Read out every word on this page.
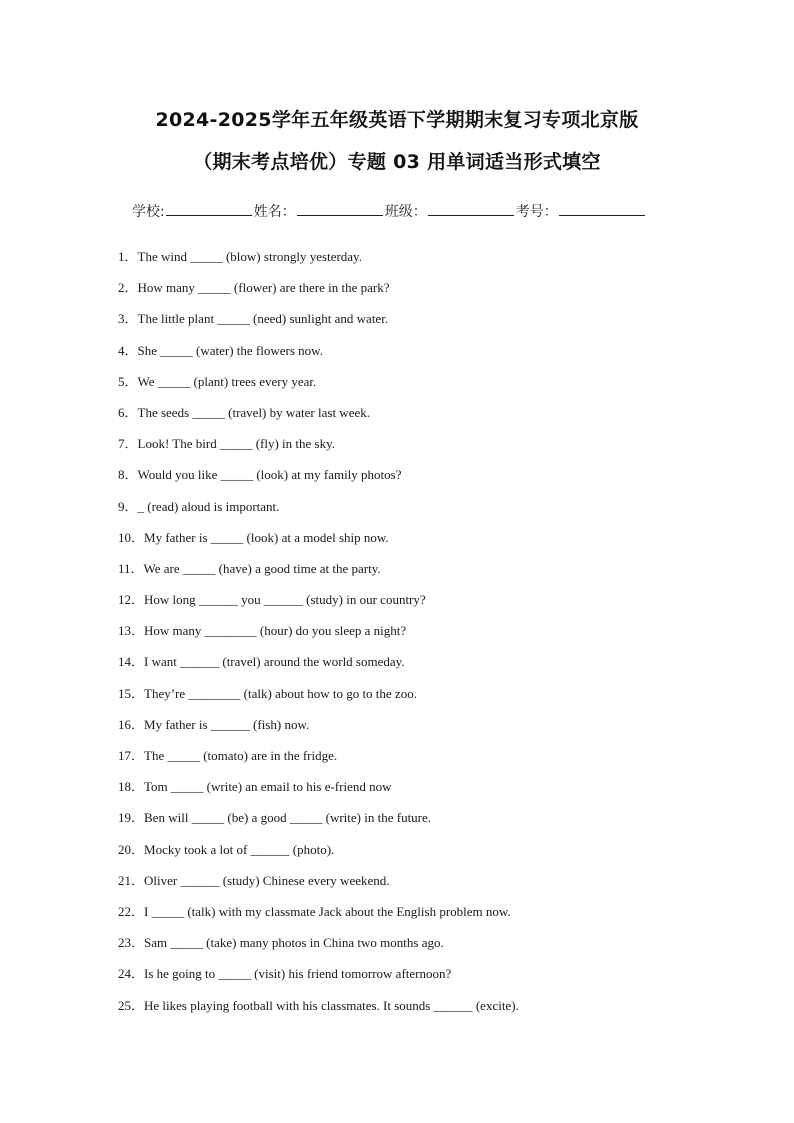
2024-2025学年五年级英语下学期期末复习专项北京版
（期末考点培优）专题 03 用单词适当形式填空
学校:	姓名：	班级：	考号：
1．The wind _____ (blow) strongly yesterday.
2．How many _____ (flower) are there in the park?
3．The little plant _____ (need) sunlight and water.
4．She _____ (water) the flowers now.
5．We _____ (plant) trees every year.
6．The seeds _____ (travel) by water last week.
7．Look! The bird _____ (fly) in the sky.
8．Would you like _____ (look) at my family photos?
9．_ (read) aloud is important.
10．My father is _____ (look) at a model ship now.
11．We are _____ (have) a good time at the party.
12．How long ______ you ______ (study) in our country?
13．How many ________ (hour) do you sleep a night?
14．I want ______ (travel) around the world someday.
15．They’re ________ (talk) about how to go to the zoo.
16．My father is ______ (fish) now.
17．The _____ (tomato) are in the fridge.
18．Tom _____ (write) an email to his e-friend now
19．Ben will _____ (be) a good _____ (write) in the future.
20．Mocky took a lot of ______ (photo).
21．Oliver ______ (study) Chinese every weekend.
22．I _____ (talk) with my classmate Jack about the English problem now.
23．Sam _____ (take) many photos in China two months ago.
24．Is he going to _____ (visit) his friend tomorrow afternoon?
25．He likes playing football with his classmates. It sounds ______ (excite).
